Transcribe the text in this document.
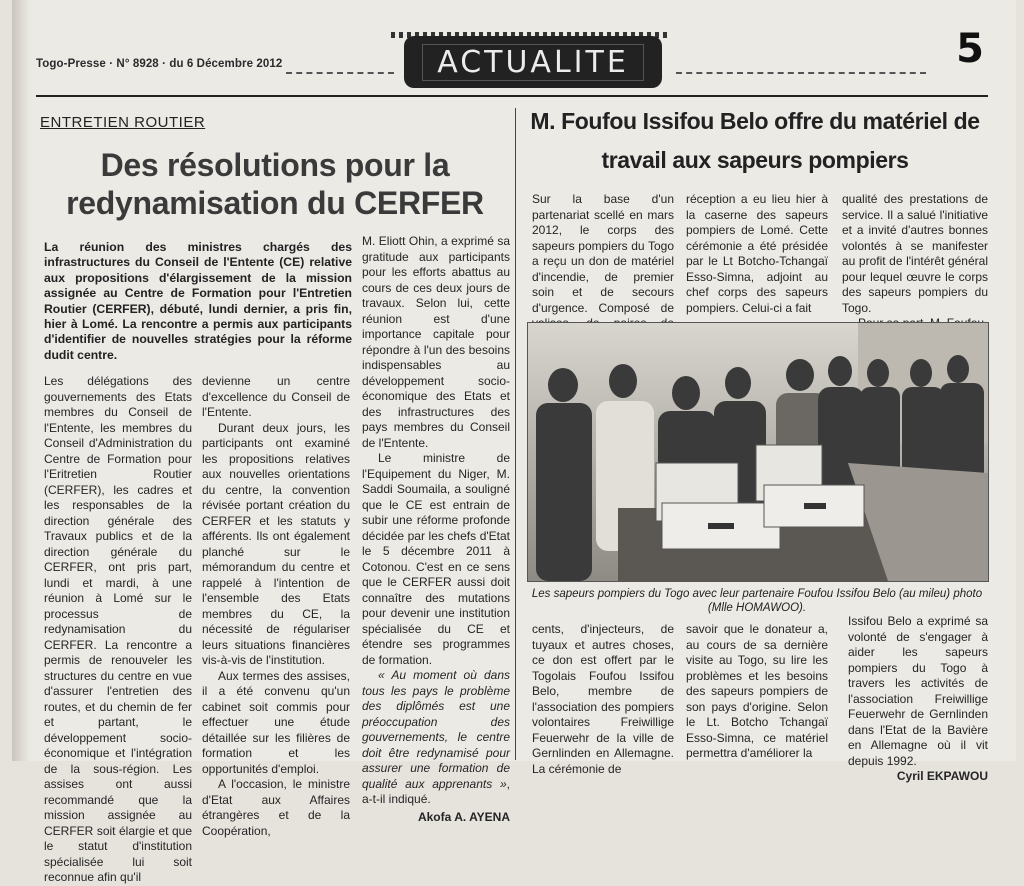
Togo-Presse · N° 8928 · du 6 Décembre 2012	ACTUALITE	5
ENTRETIEN ROUTIER
Des résolutions pour la redynamisation du CERFER
La réunion des ministres chargés des infrastructures du Conseil de l'Entente (CE) relative aux propositions d'élargissement de la mission assignée au Centre de Formation pour l'Entretien Routier (CERFER), débuté, lundi dernier, a pris fin, hier à Lomé. La rencontre a permis aux participants d'identifier de nouvelles stratégies pour la réforme dudit centre.

Les délégations des gouvernements des Etats membres du Conseil de l'Entente, les membres du Conseil d'Administration du Centre de Formation pour l'Eritretien Routier (CERFER), les cadres et les responsables de la direction générale des Travaux publics et de la direction générale du CERFER, ont pris part, lundi et mardi, à une réunion à Lomé sur le processus de redynamisation du CERFER. La rencontre a permis de renouveler les structures du centre en vue d'assurer l'entretien des routes, et du chemin de fer et partant, le développement socio-économique et l'intégration de la sous-région. Les assises ont aussi recommandé que la mission assignée au CERFER soit élargie et que le statut d'institution spécialisée lui soit reconnue afin qu'il

devienne un centre d'excellence du Conseil de l'Entente.

Durant deux jours, les participants ont examiné les propositions relatives aux nouvelles orientations du centre, la convention révisée portant création du CERFER et les statuts y afférents. Ils ont également planché sur le mémorandum du centre et rappelé à l'intention de l'ensemble des Etats membres du CE, la nécessité de régulariser leurs situations financières vis-à-vis de l'institution.

Aux termes des assises, il a été convenu qu'un cabinet soit commis pour effectuer une étude détaillée sur les filières de formation et les opportunités d'emploi.

A l'occasion, le ministre d'Etat aux Affaires étrangères et de la Coopération,

M. Eliott Ohin, a exprimé sa gratitude aux participants pour les efforts abattus au cours de ces deux jours de travaux. Selon lui, cette réunion est d'une importance capitale pour répondre à l'un des besoins indispensables au développement socio-économique des Etats et des infrastructures des pays membres du Conseil de l'Entente.

Le ministre de l'Equipement du Niger, M. Saddi Soumaila, a souligné que le CE est entrain de subir une réforme profonde décidée par les chefs d'Etat le 5 décembre 2011 à Cotonou. C'est en ce sens que le CERFER aussi doit connaître des mutations pour devenir une institution spécialisée du CE et étendre ses programmes de formation.

« Au moment où dans tous les pays le problème des diplômés est une préoccupation des gouvernements, le centre doit être redynamisé pour assurer une formation de qualité aux apprenants », a-t-il indiqué.

Akofa A. AYENA

M. Foufou Issifou Belo offre du matériel de travail aux sapeurs pompiers

Sur la base d'un partenariat scellé en mars 2012, le corps des sapeurs pompiers du Togo a reçu un don de matériel d'incendie, de premier soin et de secours d'urgence. Composé de

réception a eu lieu hier à la caserne des sapeurs pompiers de Lomé. Cette cérémonie a été présidée par le Lt Botcho-Tchangaï Esso-Simna, adjoint au chef corps des sapeurs pompiers. Celui-ci a fait

qualité des prestations de service. Il a salué l'initiative et a invité d'autres bonnes volontés à se manifester au profit de l'intérêt général pour lequel œuvre le corps des sapeurs pompiers du Togo.

Les sapeurs pompiers du Togo avec leur partenaire Foufou Issifou Belo (au mileu) photo (Mlle HOMAWOO).

cents, d'injecteurs, de tuyaux et autres choses, ce don est offert par le Togolais Foufou Issifou Belo, membre de l'association des pompiers volontaires Freiwillige Feuerwehr de la ville de Gernlinden en Allemagne. La cérémonie de

savoir que le donateur a, au cours de sa dernière visite au Togo, su lire les problèmes et les besoins des sapeurs pompiers de son pays d'origine. Selon le Lt. Botcho Tchangaï Esso-Simna, ce matériel permettra d'améliorer la

Issifou Belo a exprimé sa volonté de s'engager à aider les sapeurs pompiers du Togo à travers les activités de l'association Freiwillige Feuerwehr de Gernlinden dans l'Etat de la Bavière en Allemagne où il vit depuis 1992.

Cyril EKPAWOU
